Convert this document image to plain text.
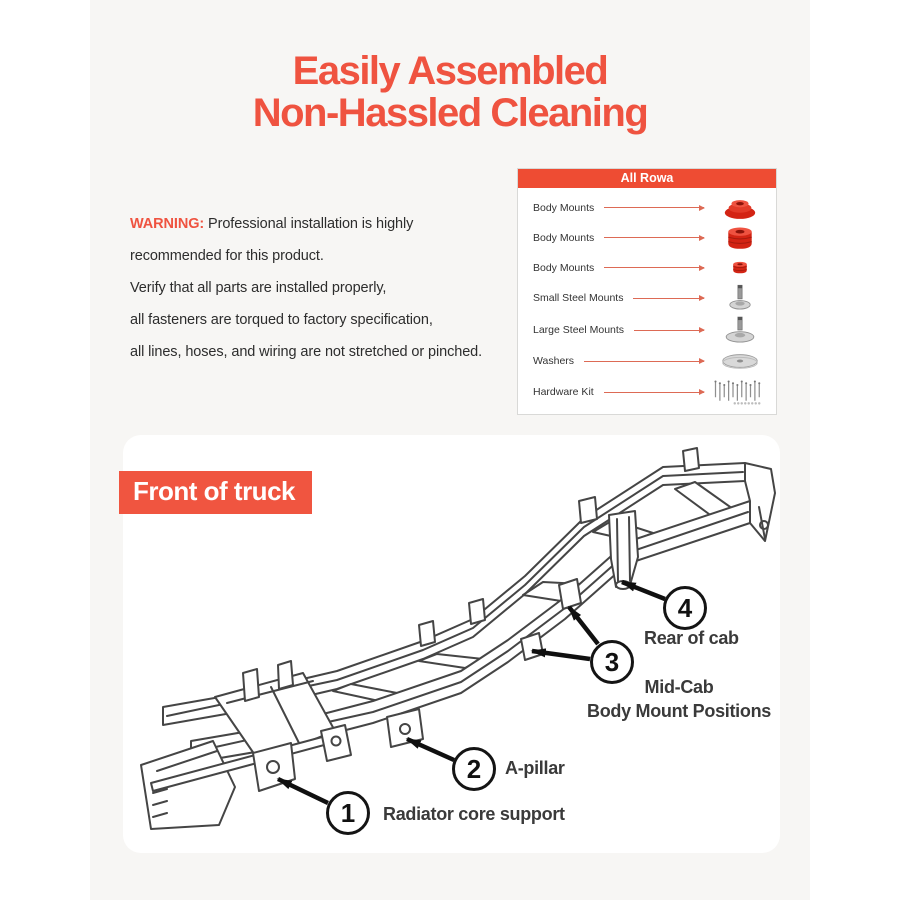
Easily Assembled
Non-Hassled Cleaning

WARNING: Professional installation is highly

recommended for this product.

Verify that all parts are installed properly,

all fasteners are torqued to factory specification,

all lines, hoses, and wiring are not stretched or pinched.

All Rowa
Body Mounts
Body Mounts
Body Mounts
Small Steel Mounts
Large Steel Mounts
Washers
Hardware Kit
Front of truck
1	Radiator core support
2	A-pillar
3
Mid-Cab
Body Mount Positions
4
Rear of cab
